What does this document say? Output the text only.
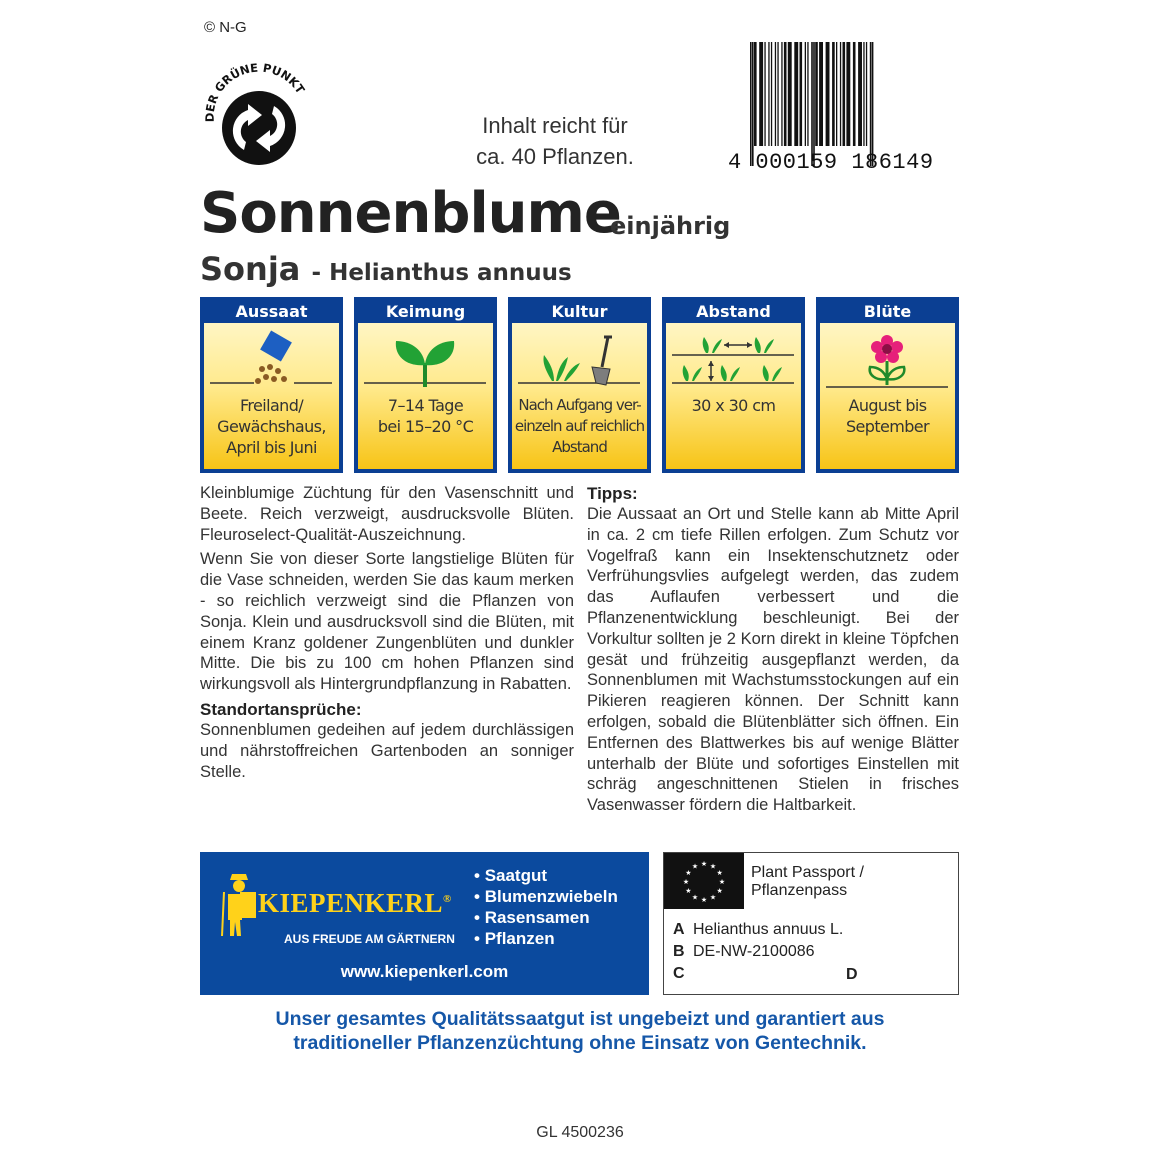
© N-G
DER GRÜNE PUNKT
Inhalt reicht für
ca. 40 Pflanzen.	4 000159 186149
Sonnenblume
einjährig
Sonja - Helianthus annuus
Aussaat
Freiland/
Gewächshaus,
April bis Juni
Keimung
7–14 Tage
bei 15–20 °C
Kultur
Nach Aufgang ver-
einzeln auf reichlich
Abstand
Abstand
30 x 30 cm
Blüte
August bis
September

Kleinblumige Züchtung für den Vasenschnitt und Beete. Reich verzweigt, ausdrucksvolle Blüten. Fleuroselect-Qualität-Auszeichnung.

Wenn Sie von dieser Sorte langstielige Blüten für die Vase schneiden, werden Sie das kaum merken - so reichlich verzweigt sind die Pflanzen von Sonja. Klein und ausdrucksvoll sind die Blüten, mit einem Kranz goldener Zungenblüten und dunkler Mitte. Die bis zu 100 cm hohen Pflanzen sind wirkungsvoll als Hintergrundpflanzung in Rabatten.

Standortansprüche:

Sonnenblumen gedeihen auf jedem durchlässigen und nährstoffreichen Gartenboden an sonniger Stelle.

Tipps:

Die Aussaat an Ort und Stelle kann ab Mitte April in ca. 2 cm tiefe Rillen erfolgen. Zum Schutz vor Vogelfraß kann ein Insektenschutznetz oder Verfrühungsvlies aufgelegt werden, das zudem das Auflaufen verbessert und die Pflanzenentwicklung beschleunigt. Bei der Vorkultur sollten je 2 Korn direkt in kleine Töpfchen gesät und frühzeitig ausgepflanzt werden, da Sonnenblumen mit Wachstumsstockungen auf ein Pikieren reagieren können. Der Schnitt kann erfolgen, sobald die Blütenblätter sich öffnen. Ein Entfernen des Blattwerkes bis auf wenige Blätter unterhalb der Blüte und sofortiges Einstellen mit schräg angeschnittenen Stielen in frisches Vasenwasser fördern die Haltbarkeit.

KIEPENKERL®
AUS FREUDE AM GÄRTNERN
• Saatgut
• Blumenzwiebeln
• Rasensamen
• Pflanzen
www.kiepenkerl.com
★
★
★
★
★
★
★
★
★ ★ ★
★ Plant Passport /
Pflanzenpass
A Helianthus annuus L.
B DE-NW-2100086
C	D
Unser gesamtes Qualitätssaatgut ist ungebeizt und garantiert aus
traditioneller Pflanzenzüchtung ohne Einsatz von Gentechnik.
GL 4500236
